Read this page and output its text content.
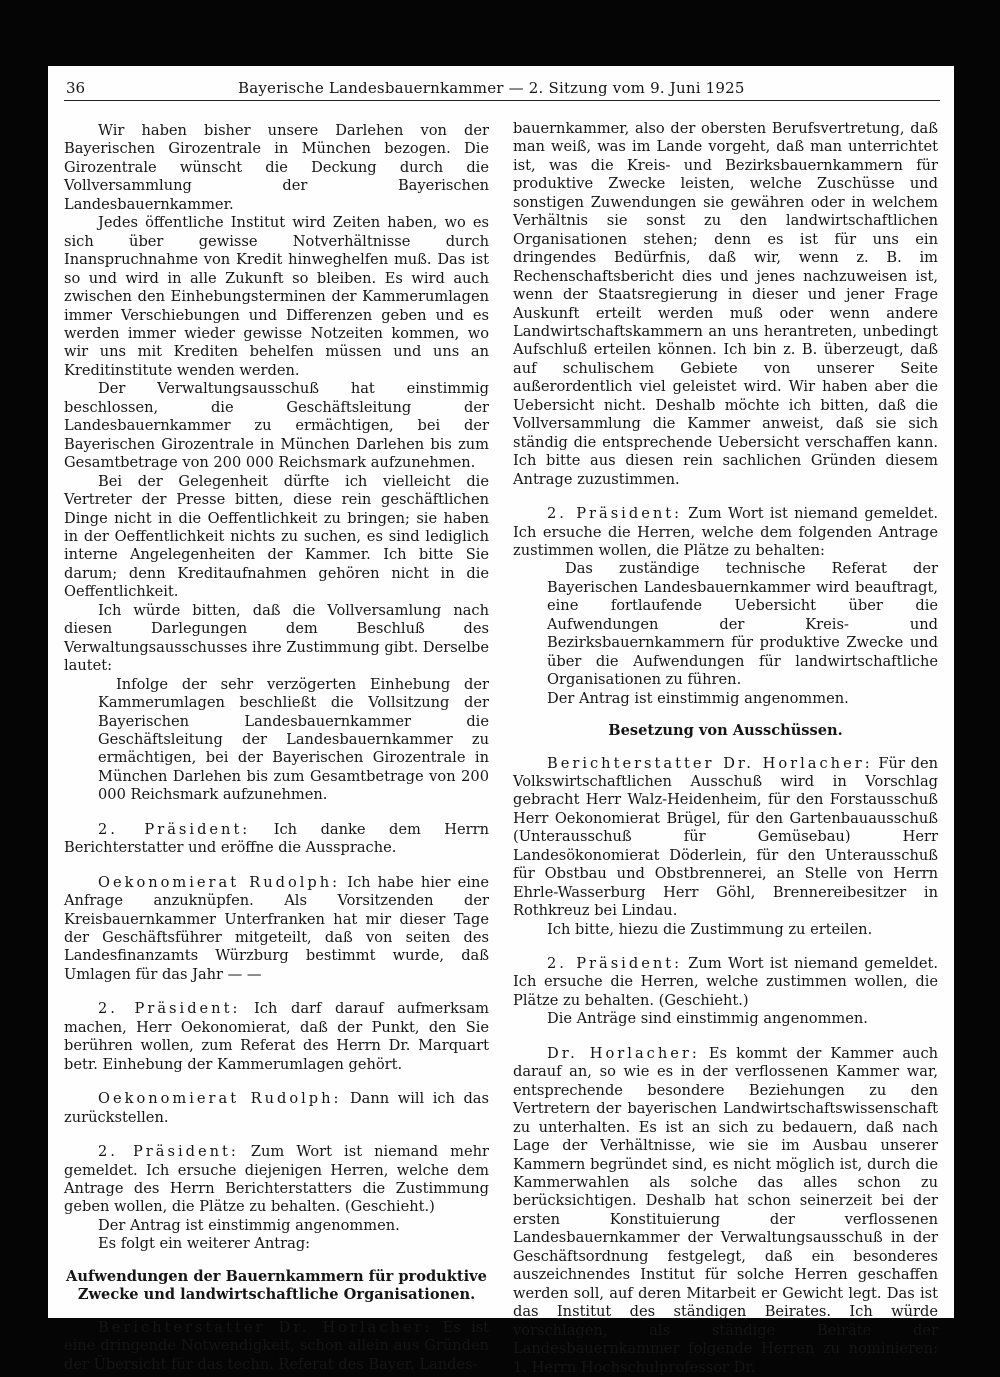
36	Bayerische Landesbauernkammer — 2. Sitzung vom 9. Juni 1925

Wir haben bisher unsere Darlehen von der Bayerischen Girozentrale in München bezogen. Die Girozentrale wünscht die Deckung durch die Vollversammlung der Bayerischen Landesbauernkammer.

Jedes öffentliche Institut wird Zeiten haben, wo es sich über gewisse Notverhältnisse durch Inanspruchnahme von Kredit hinweghelfen muß. Das ist so und wird in alle Zukunft so bleiben. Es wird auch zwischen den Einhebungsterminen der Kammerumlagen immer Verschiebungen und Differenzen geben und es werden immer wieder gewisse Notzeiten kommen, wo wir uns mit Krediten behelfen müssen und uns an Kreditinstitute wenden werden.

Der Verwaltungsausschuß hat einstimmig beschlossen, die Geschäftsleitung der Landesbauernkammer zu ermächtigen, bei der Bayerischen Girozentrale in München Darlehen bis zum Gesamtbetrage von 200 000 Reichsmark aufzunehmen.

Bei der Gelegenheit dürfte ich vielleicht die Vertreter der Presse bitten, diese rein geschäftlichen Dinge nicht in die Oeffentlichkeit zu bringen; sie haben in der Oeffentlichkeit nichts zu suchen, es sind lediglich interne Angelegenheiten der Kammer. Ich bitte Sie darum; denn Kreditaufnahmen gehören nicht in die Oeffentlichkeit.

Ich würde bitten, daß die Vollversamlung nach diesen Darlegungen dem Beschluß des Verwaltungsausschusses ihre Zustimmung gibt. Derselbe lautet:

Infolge der sehr verzögerten Einhebung der Kammerumlagen beschließt die Vollsitzung der Bayerischen Landesbauernkammer die Geschäftsleitung der Landesbauernkammer zu ermächtigen, bei der Bayerischen Girozentrale in München Darlehen bis zum Gesamtbetrage von 200 000 Reichsmark aufzunehmen.

2. Präsident: Ich danke dem Herrn Berichterstatter und eröffne die Aussprache.

Oekonomierat Rudolph: Ich habe hier eine Anfrage anzuknüpfen. Als Vorsitzenden der Kreisbauernkammer Unterfranken hat mir dieser Tage der Geschäftsführer mitgeteilt, daß von seiten des Landesfinanzamts Würzburg bestimmt wurde, daß Umlagen für das Jahr — —

2. Präsident: Ich darf darauf aufmerksam machen, Herr Oekonomierat, daß der Punkt, den Sie berühren wollen, zum Referat des Herrn Dr. Marquart betr. Einhebung der Kammerumlagen gehört.

Oekonomierat Rudolph: Dann will ich das zurückstellen.

2. Präsident: Zum Wort ist niemand mehr gemeldet. Ich ersuche diejenigen Herren, welche dem Antrage des Herrn Berichterstatters die Zustimmung geben wollen, die Plätze zu behalten. (Geschieht.)

Der Antrag ist einstimmig angenommen.

Es folgt ein weiterer Antrag:

Aufwendungen der Bauernkammern für produktive Zwecke und landwirtschaftliche Organisationen.

Berichterstatter Dr. Horlacher: Es ist eine dringende Notwendigkeit, schon allein aus Gründen der Übersicht für das techn. Referat des Bayer. Landes-

bauernkammer, also der obersten Berufsvertretung, daß man weiß, was im Lande vorgeht, daß man unterrichtet ist, was die Kreis- und Bezirksbauernkammern für produktive Zwecke leisten, welche Zuschüsse und sonstigen Zuwendungen sie gewähren oder in welchem Verhältnis sie sonst zu den landwirtschaftlichen Organisationen stehen; denn es ist für uns ein dringendes Bedürfnis, daß wir, wenn z. B. im Rechenschaftsbericht dies und jenes nachzuweisen ist, wenn der Staatsregierung in dieser und jener Frage Auskunft erteilt werden muß oder wenn andere Landwirtschaftskammern an uns herantreten, unbedingt Aufschluß erteilen können. Ich bin z. B. überzeugt, daß auf schulischem Gebiete von unserer Seite außerordentlich viel geleistet wird. Wir haben aber die Uebersicht nicht. Deshalb möchte ich bitten, daß die Vollversammlung die Kammer anweist, daß sie sich ständig die entsprechende Uebersicht verschaffen kann. Ich bitte aus diesen rein sachlichen Gründen diesem Antrage zuzustimmen.

2. Präsident: Zum Wort ist niemand gemeldet. Ich ersuche die Herren, welche dem folgenden Antrage zustimmen wollen, die Plätze zu behalten:

Das zuständige technische Referat der Bayerischen Landesbauernkammer wird beauftragt, eine fortlaufende Uebersicht über die Aufwendungen der Kreis- und Bezirksbauernkammern für produktive Zwecke und über die Aufwendungen für landwirtschaftliche Organisationen zu führen.

Der Antrag ist einstimmig angenommen.

Besetzung von Ausschüssen.

Berichterstatter Dr. Horlacher: Für den Volkswirtschaftlichen Ausschuß wird in Vorschlag gebracht Herr Walz-Heidenheim, für den Forstausschuß Herr Oekonomierat Brügel, für den Gartenbauausschuß (Unterausschuß für Gemüsebau) Herr Landesökonomierat Döderlein, für den Unterausschuß für Obstbau und Obstbrennerei, an Stelle von Herrn Ehrle-Wasserburg Herr Göhl, Brennereibesitzer in Rothkreuz bei Lindau.

Ich bitte, hiezu die Zustimmung zu erteilen.

2. Präsident: Zum Wort ist niemand gemeldet. Ich ersuche die Herren, welche zustimmen wollen, die Plätze zu behalten. (Geschieht.)

Die Anträge sind einstimmig angenommen.

Dr. Horlacher: Es kommt der Kammer auch darauf an, so wie es in der verflossenen Kammer war, entsprechende besondere Beziehungen zu den Vertretern der bayerischen Landwirtschaftswissenschaft zu unterhalten. Es ist an sich zu bedauern, daß nach Lage der Verhältnisse, wie sie im Ausbau unserer Kammern begründet sind, es nicht möglich ist, durch die Kammerwahlen als solche das alles schon zu berücksichtigen. Deshalb hat schon seinerzeit bei der ersten Konstituierung der verflossenen Landesbauernkammer der Verwaltungsausschuß in der Geschäftsordnung festgelegt, daß ein besonderes auszeichnendes Institut für solche Herren geschaffen werden soll, auf deren Mitarbeit er Gewicht legt. Das ist das Institut des ständigen Beirates. Ich würde vorschlagen, als ständige Beiräte der Landesbauernkammer folgende Herren zu nominieren: 1. Herrn Hochschulprofessor Dr.
